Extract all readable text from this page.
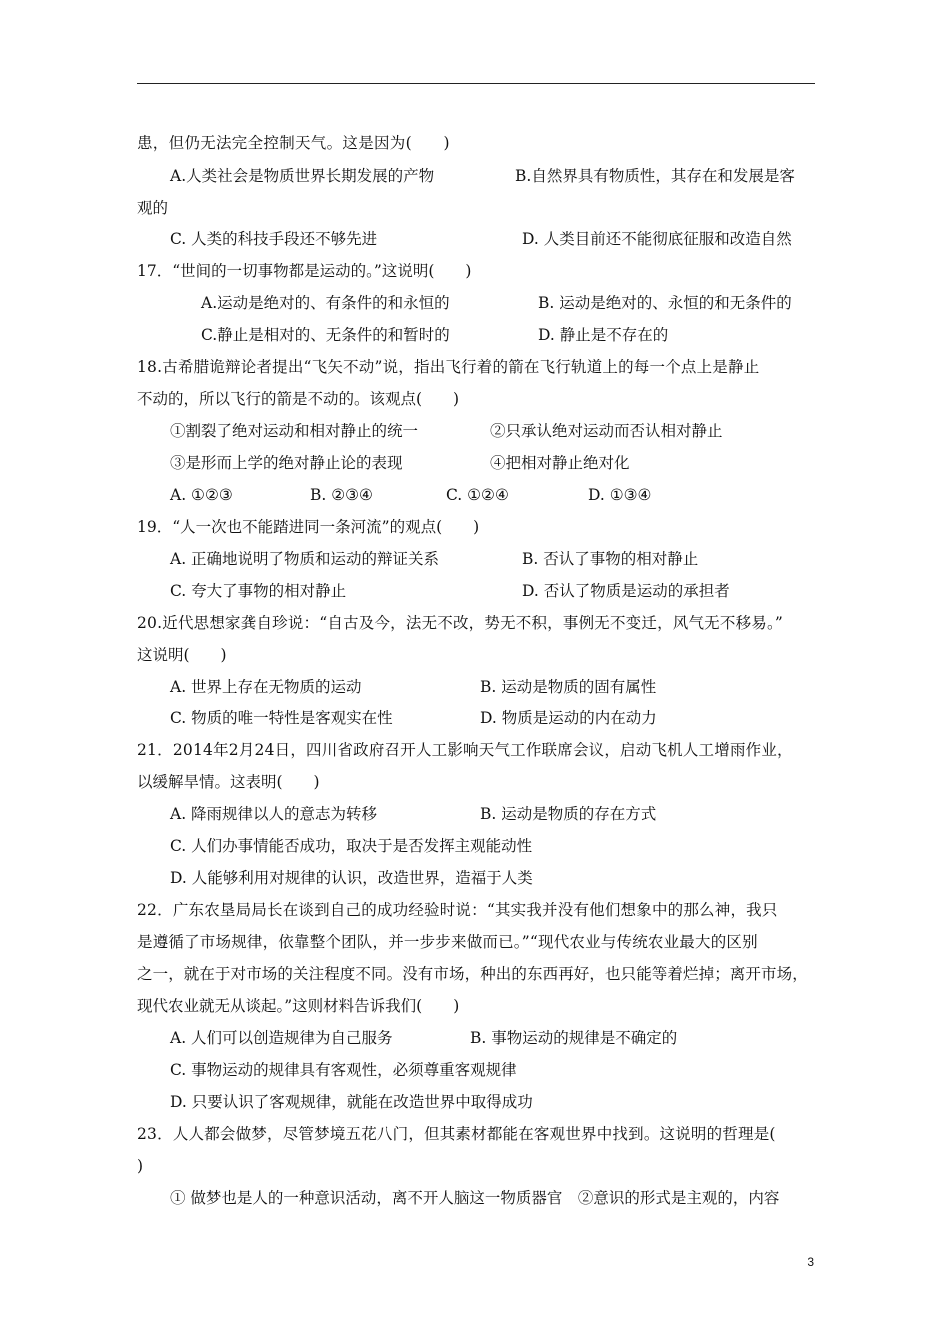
患，但仍无法完全控制天气。这是因为(　　)
A.人类社会是物质世界长期发展的产物	B.自然界具有物质性，其存在和发展是客
观的
C. 人类的科技手段还不够先进	D. 人类目前还不能彻底征服和改造自然
17．“世间的一切事物都是运动的。”这说明(　　)
A.运动是绝对的、有条件的和永恒的	B. 运动是绝对的、永恒的和无条件的
C.静止是相对的、无条件的和暂时的	D. 静止是不存在的
18.古希腊诡辩论者提出“飞矢不动”说，指出飞行着的箭在飞行轨道上的每一个点上是静止
不动的，所以飞行的箭是不动的。该观点(　　)
①割裂了绝对运动和相对静止的统一	②只承认绝对运动而否认相对静止
③是形而上学的绝对静止论的表现	④把相对静止绝对化
A. ①②③	B. ②③④	C. ①②④	D. ①③④
19．“人一次也不能踏进同一条河流”的观点(　　)
A. 正确地说明了物质和运动的辩证关系	B. 否认了事物的相对静止
C. 夸大了事物的相对静止	D. 否认了物质是运动的承担者
20.近代思想家龚自珍说：“自古及今，法无不改，势无不积，事例无不变迁，风气无不移易。”
这说明(　　)
A. 世界上存在无物质的运动	B. 运动是物质的固有属性
C. 物质的唯一特性是客观实在性	D. 物质是运动的内在动力
21．2014年2月24日，四川省政府召开人工影响天气工作联席会议，启动飞机人工增雨作业，
以缓解旱情。这表明(　　)
A. 降雨规律以人的意志为转移	B. 运动是物质的存在方式
C. 人们办事情能否成功，取决于是否发挥主观能动性
D. 人能够利用对规律的认识，改造世界，造福于人类
22．广东农垦局局长在谈到自己的成功经验时说：“其实我并没有他们想象中的那么神，我只
是遵循了市场规律，依靠整个团队，并一步步来做而已。”“现代农业与传统农业最大的区别
之一，就在于对市场的关注程度不同。没有市场，种出的东西再好，也只能等着烂掉；离开市场，
现代农业就无从谈起。”这则材料告诉我们(　　)
A. 人们可以创造规律为自己服务	B. 事物运动的规律是不确定的
C. 事物运动的规律具有客观性，必须尊重客观规律
D. 只要认识了客观规律，就能在改造世界中取得成功
23．人人都会做梦，尽管梦境五花八门，但其素材都能在客观世界中找到。这说明的哲理是(
)
① 做梦也是人的一种意识活动，离不开人脑这一物质器官　②意识的形式是主观的，内容
3
